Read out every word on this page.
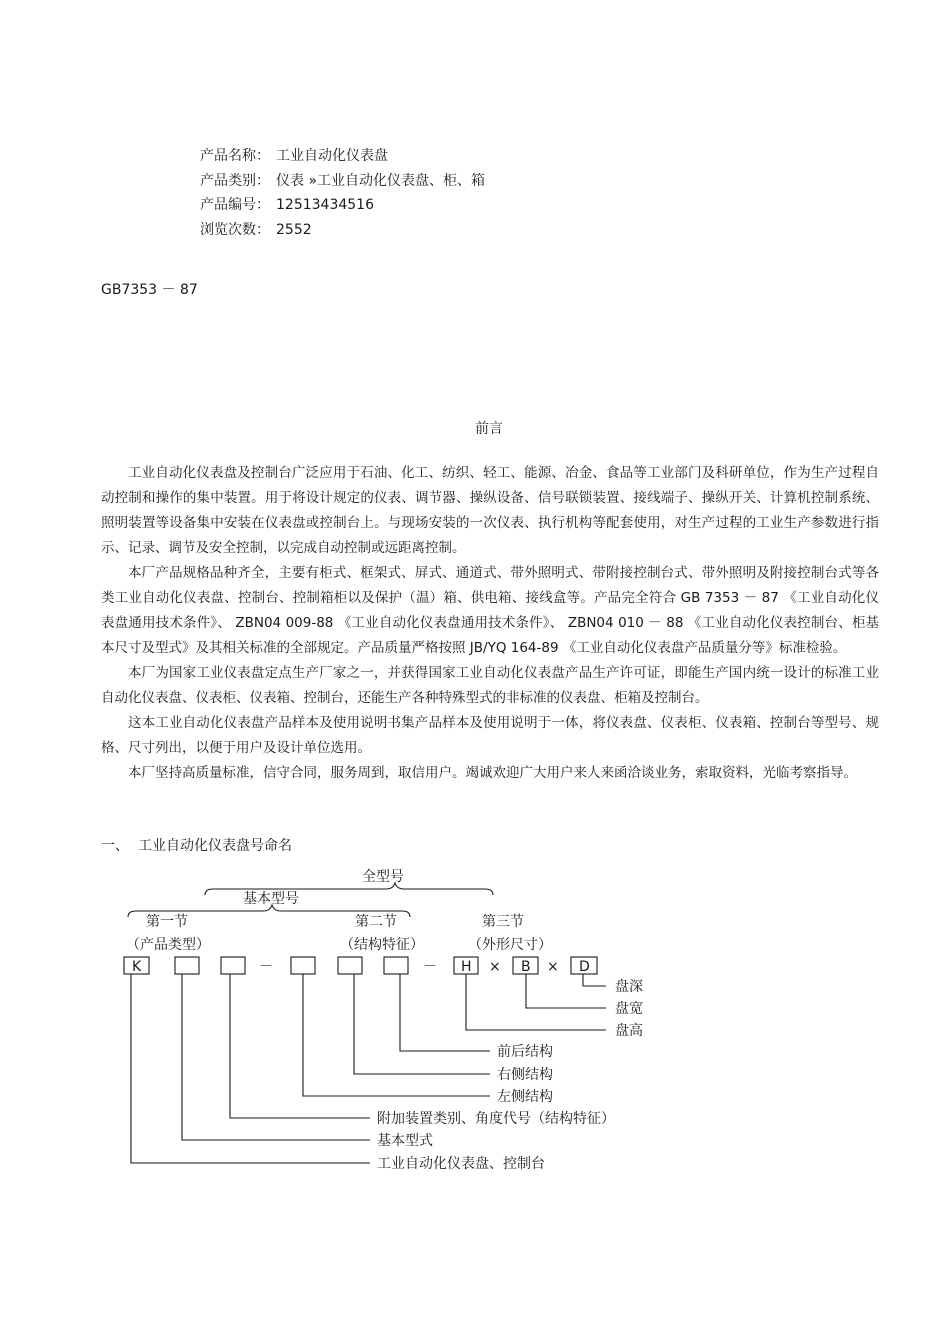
产品名称： 工业自动化仪表盘
产品类别： 仪表 »工业自动化仪表盘、柜、箱
产品编号： 12513434516
浏览次数： 2552
GB7353 － 87
前言

工业自动化仪表盘及控制台广泛应用于石油、化工、纺织、轻工、能源、冶金、食品等工业部门及科研单位，作为生产过程自动控制和操作的集中装置。用于将设计规定的仪表、调节器、操纵设备、信号联锁装置、接线端子、操纵开关、计算机控制系统、照明装置等设备集中安装在仪表盘或控制台上。与现场安装的一次仪表、执行机构等配套使用，对生产过程的工业生产参数进行指示、记录、调节及安全控制，以完成自动控制或远距离控制。

本厂产品规格品种齐全，主要有柜式、框架式、屏式、通道式、带外照明式、带附接控制台式、带外照明及附接控制台式等各类工业自动化仪表盘、控制台、控制箱柜以及保护（温）箱、供电箱、接线盒等。产品完全符合 GB 7353 － 87 《工业自动化仪表盘通用技术条件》、 ZBN04 009-88 《工业自动化仪表盘通用技术条件》、 ZBN04 010 － 88 《工业自动化仪表控制台、柜基本尺寸及型式》及其相关标准的全部规定。产品质量严格按照 JB/YQ 164-89 《工业自动化仪表盘产品质量分等》标准检验。

本厂为国家工业仪表盘定点生产厂家之一，并获得国家工业自动化仪表盘产品生产许可证，即能生产国内统一设计的标准工业自动化仪表盘、仪表柜、仪表箱、控制台，还能生产各种特殊型式的非标准的仪表盘、柜箱及控制台。

这本工业自动化仪表盘产品样本及使用说明书集产品样本及使用说明于一体，将仪表盘、仪表柜、仪表箱、控制台等型号、规格、尺寸列出，以便于用户及设计单位选用。

本厂坚持高质量标准，信守合同，服务周到，取信用户。竭诚欢迎广大用户来人来函洽谈业务，索取资料，光临考察指导。

一、 工业自动化仪表盘号命名
全型号
基本型号
第一节
（产品类型）
第二节
（结构特征）
第三节
（外形尺寸）
K	H	B	D
－	－	×	×
盘深
盘宽
盘高
前后结构
右侧结构
左侧结构
附加装置类别、角度代号（结构特征）
基本型式
工业自动化仪表盘、控制台
